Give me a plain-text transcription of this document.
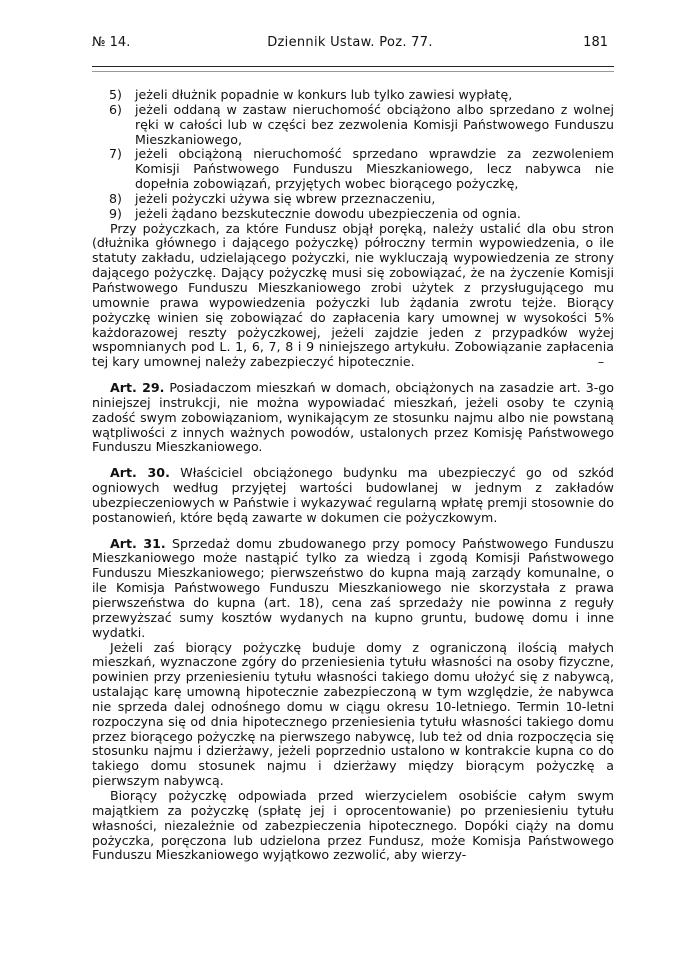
№ 14.	Dziennik Ustaw. Poz. 77.	181
5) jeżeli dłużnik popadnie w konkurs lub tylko zawiesi wypłatę,
6) jeżeli oddaną w zastaw nieruchomość obciążono albo sprzedano z wolnej ręki w całości lub w części bez zezwolenia Komisji Państwowego Funduszu Mieszkaniowego,
7) jeżeli obciążoną nieruchomość sprzedano wprawdzie za zezwoleniem Komisji Państwowego Funduszu Mieszkaniowego, lecz nabywca nie dopełnia zobowiązań, przyjętych wobec biorącego pożyczkę,
8) jeżeli pożyczki używa się wbrew przeznaczeniu,
9) jeżeli żądano bezskutecznie dowodu ubezpieczenia od ognia.

Przy pożyczkach, za które Fundusz objął poręką, należy ustalić dla obu stron (dłużnika głównego i dającego pożyczkę) półroczny termin wypowiedzenia, o ile statuty zakładu, udzielającego pożyczki, nie wykluczają wypowiedzenia ze strony dającego pożyczkę. Dający pożyczkę musi się zobowiązać, że na życzenie Komisji Państwowego Funduszu Mieszkaniowego zrobi użytek z przysługującego mu umownie prawa wypowiedzenia pożyczki lub żądania zwrotu tejże. Biorący pożyczkę winien się zobowiązać do zapłacenia kary umownej w wysokości 5% każdorazowej reszty pożyczkowej, jeżeli zajdzie jeden z przypadków wyżej wspomnianych pod L. 1, 6, 7, 8 i 9 niniejszego artykułu. Zobowiązanie zapłacenia tej kary umownej należy zabezpieczyć hipotecznie.	–

Art. 29. Posiadaczom mieszkań w domach, obciążonych na zasadzie art. 3-go niniejszej instrukcji, nie można wypowiadać mieszkań, jeżeli osoby te czynią zadość swym zobowiązaniom, wynikającym ze stosunku najmu albo nie powstaną wątpliwości z innych ważnych powodów, ustalonych przez Komisję Państwowego Funduszu Mieszkaniowego.

Art. 30. Właściciel obciążonego budynku ma ubezpieczyć go od szkód ogniowych według przyjętej wartości budowlanej w jednym z zakładów ubezpieczeniowych w Państwie i wykazywać regularną wpłatę premji stosownie do postanowień, które będą zawarte w dokumen cie pożyczkowym.

Art. 31. Sprzedaż domu zbudowanego przy pomocy Państwowego Funduszu Mieszkaniowego może nastąpić tylko za wiedzą i zgodą Komisji Państwowego Funduszu Mieszkaniowego; pierwszeństwo do kupna mają zarządy komunalne, o ile Komisja Państwowego Funduszu Mieszkaniowego nie skorzystała z prawa pierwszeństwa do kupna (art. 18), cena zaś sprzedaży nie powinna z reguły przewyższać sumy kosztów wydanych na kupno gruntu, budowę domu i inne wydatki.

Jeżeli zaś biorący pożyczkę buduje domy z ograniczoną ilością małych mieszkań, wyznaczone zgóry do przeniesienia tytułu własności na osoby fizyczne, powinien przy przeniesieniu tytułu własności takiego domu ułożyć się z nabywcą, ustalając karę umowną hipotecznie zabezpieczoną w tym względzie, że nabywca nie sprzeda dalej odnośnego domu w ciągu okresu 10-letniego. Termin 10-letni rozpoczyna się od dnia hipotecznego przeniesienia tytułu własności takiego domu przez biorącego pożyczkę na pierwszego nabywcę, lub też od dnia rozpoczęcia się stosunku najmu i dzierżawy, jeżeli poprzednio ustalono w kontrakcie kupna co do takiego domu stosunek najmu i dzierżawy między biorącym pożyczkę a pierwszym nabywcą.

Biorący pożyczkę odpowiada przed wierzycielem osobiście całym swym majątkiem za pożyczkę (spłatę jej i oprocentowanie) po przeniesieniu tytułu własności, niezależnie od zabezpieczenia hipotecznego. Dopóki ciąży na domu pożyczka, poręczona lub udzielona przez Fundusz, może Komisja Państwowego Funduszu Mieszkaniowego wyjątkowo zezwolić, aby wierzy-
